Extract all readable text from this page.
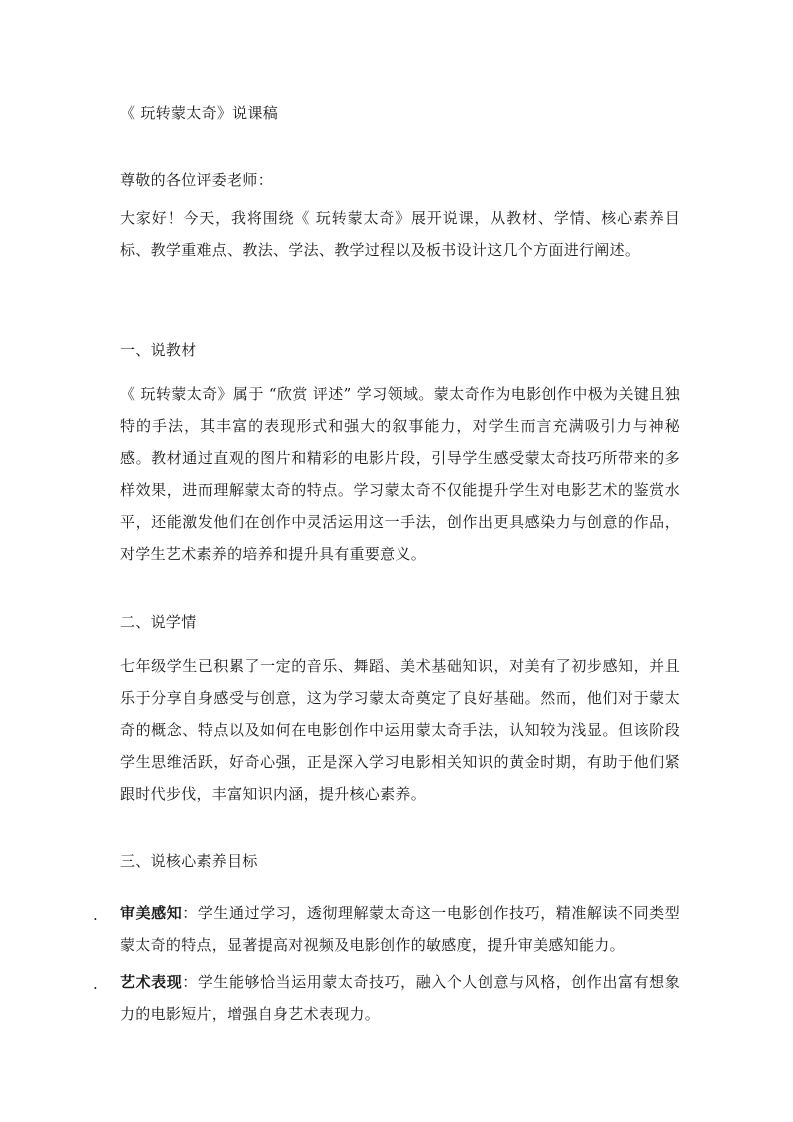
《 玩转蒙太奇》说课稿
尊敬的各位评委老师：
大家好！今天，我将围绕《 玩转蒙太奇》展开说课，从教材、学情、核心素养目标、教学重难点、教法、学法、教学过程以及板书设计这几个方面进行阐述。
一、说教材
《 玩转蒙太奇》属于 “欣赏 评述” 学习领域。蒙太奇作为电影创作中极为关键且独特的手法，其丰富的表现形式和强大的叙事能力，对学生而言充满吸引力与神秘感。教材通过直观的图片和精彩的电影片段，引导学生感受蒙太奇技巧所带来的多样效果，进而理解蒙太奇的特点。学习蒙太奇不仅能提升学生对电影艺术的鉴赏水平，还能激发他们在创作中灵活运用这一手法，创作出更具感染力与创意的作品，对学生艺术素养的培养和提升具有重要意义。
二、说学情
七年级学生已积累了一定的音乐、舞蹈、美术基础知识，对美有了初步感知，并且乐于分享自身感受与创意，这为学习蒙太奇奠定了良好基础。然而，他们对于蒙太奇的概念、特点以及如何在电影创作中运用蒙太奇手法，认知较为浅显。但该阶段学生思维活跃，好奇心强，正是深入学习电影相关知识的黄金时期，有助于他们紧跟时代步伐，丰富知识内涵，提升核心素养。
三、说核心素养目标
. 审美感知：学生通过学习，透彻理解蒙太奇这一电影创作技巧，精准解读不同类型蒙太奇的特点，显著提高对视频及电影创作的敏感度，提升审美感知能力。
. 艺术表现：学生能够恰当运用蒙太奇技巧，融入个人创意与风格，创作出富有想象力的电影短片，增强自身艺术表现力。
